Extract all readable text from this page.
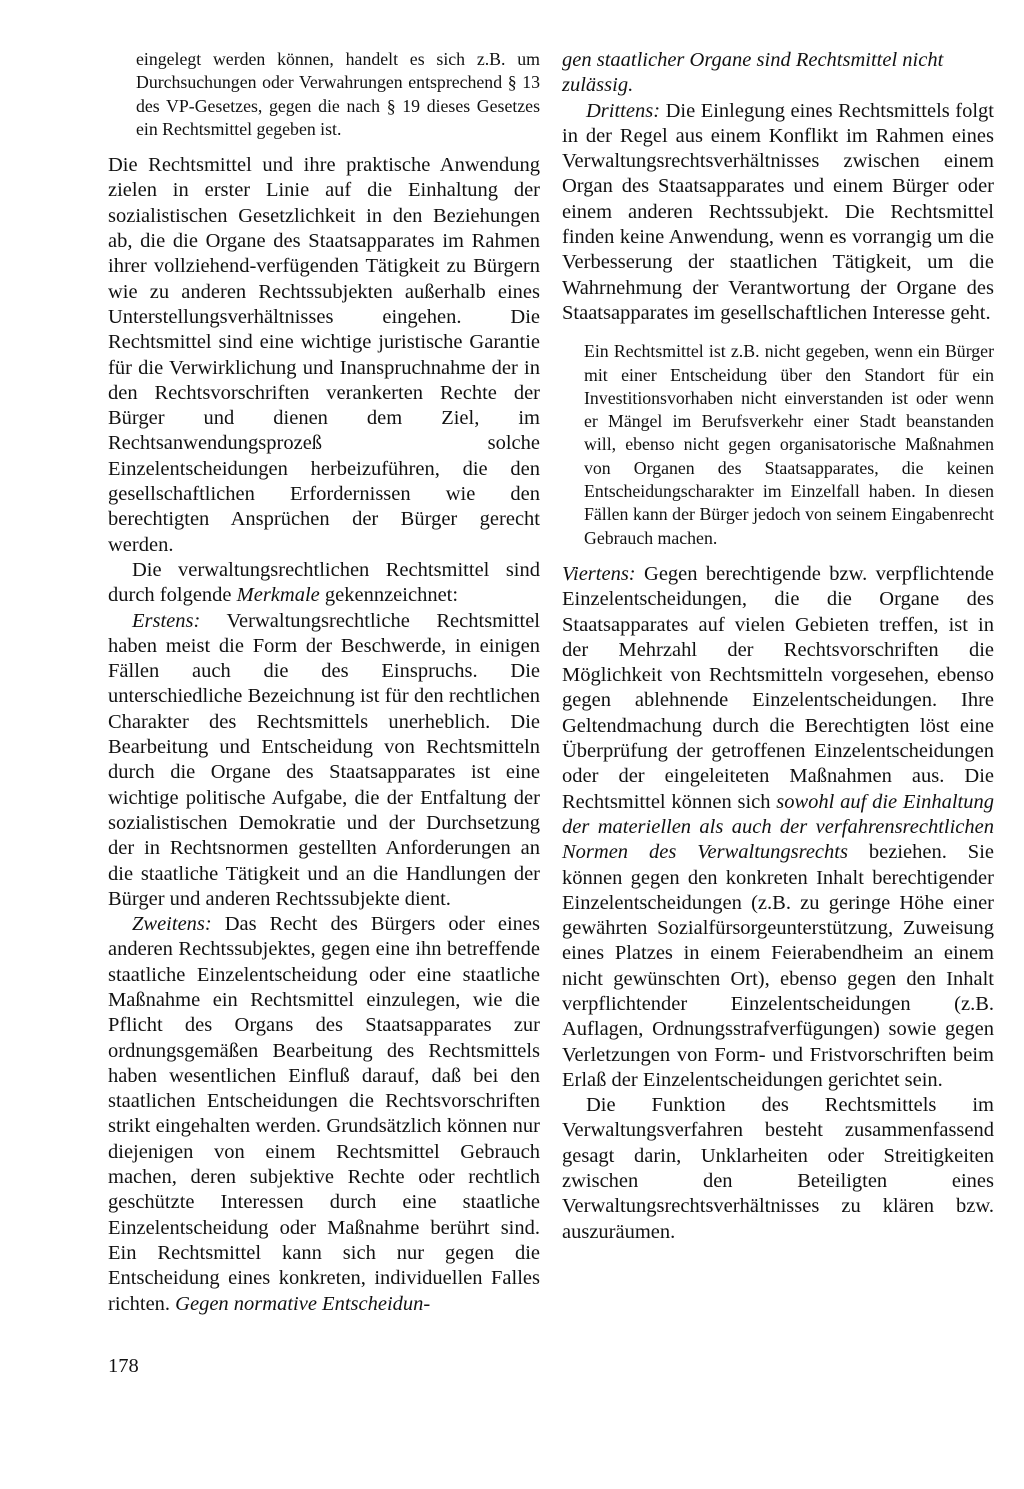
eingelegt werden können, handelt es sich z.B. um Durchsuchungen oder Verwahrungen entsprechend § 13 des VP-Gesetzes, gegen die nach § 19 dieses Gesetzes ein Rechtsmittel gegeben ist.

Die Rechtsmittel und ihre praktische Anwendung zielen in erster Linie auf die Einhaltung der sozialistischen Gesetzlichkeit in den Beziehungen ab, die die Organe des Staatsapparates im Rahmen ihrer vollziehend-verfügenden Tätigkeit zu Bürgern wie zu anderen Rechtssubjekten außerhalb eines Unterstellungsverhältnisses eingehen. Die Rechtsmittel sind eine wichtige juristische Garantie für die Verwirklichung und Inanspruchnahme der in den Rechtsvorschriften verankerten Rechte der Bürger und dienen dem Ziel, im Rechtsanwendungsprozeß solche Einzelentscheidungen herbeizuführen, die den gesellschaftlichen Erfordernissen wie den berechtigten Ansprüchen der Bürger gerecht werden.

Die verwaltungsrechtlichen Rechtsmittel sind durch folgende Merkmale gekennzeichnet:

Erstens: Verwaltungsrechtliche Rechtsmittel haben meist die Form der Beschwerde, in einigen Fällen auch die des Einspruchs. Die unterschiedliche Bezeichnung ist für den rechtlichen Charakter des Rechtsmittels unerheblich. Die Bearbeitung und Entscheidung von Rechtsmitteln durch die Organe des Staatsapparates ist eine wichtige politische Aufgabe, die der Entfaltung der sozialistischen Demokratie und der Durchsetzung der in Rechtsnormen gestellten Anforderungen an die staatliche Tätigkeit und an die Handlungen der Bürger und anderen Rechtssubjekte dient.

Zweitens: Das Recht des Bürgers oder eines anderen Rechtssubjektes, gegen eine ihn betreffende staatliche Einzelentscheidung oder eine staatliche Maßnahme ein Rechtsmittel einzulegen, wie die Pflicht des Organs des Staatsapparates zur ordnungsgemäßen Bearbeitung des Rechtsmittels haben wesentlichen Einfluß darauf, daß bei den staatlichen Entscheidungen die Rechtsvorschriften strikt eingehalten werden. Grundsätzlich können nur diejenigen von einem Rechtsmittel Gebrauch machen, deren subjektive Rechte oder rechtlich geschützte Interessen durch eine staatliche Einzelentscheidung oder Maßnahme berührt sind. Ein Rechtsmittel kann sich nur gegen die Entscheidung eines konkreten, individuellen Falles richten. Gegen normative Entscheidun-

gen staatlicher Organe sind Rechtsmittel nicht zulässig.

Drittens: Die Einlegung eines Rechtsmittels folgt in der Regel aus einem Konflikt im Rahmen eines Verwaltungsrechtsverhältnisses zwischen einem Organ des Staatsapparates und einem Bürger oder einem anderen Rechtssubjekt. Die Rechtsmittel finden keine Anwendung, wenn es vorrangig um die Verbesserung der staatlichen Tätigkeit, um die Wahrnehmung der Verantwortung der Organe des Staatsapparates im gesellschaftlichen Interesse geht.

Ein Rechtsmittel ist z.B. nicht gegeben, wenn ein Bürger mit einer Entscheidung über den Standort für ein Investitionsvorhaben nicht einverstanden ist oder wenn er Mängel im Berufsverkehr einer Stadt beanstanden will, ebenso nicht gegen organisatorische Maßnahmen von Organen des Staatsapparates, die keinen Entscheidungscharakter im Einzelfall haben. In diesen Fällen kann der Bürger jedoch von seinem Eingabenrecht Gebrauch machen.

Viertens: Gegen berechtigende bzw. verpflichtende Einzelentscheidungen, die die Organe des Staatsapparates auf vielen Gebieten treffen, ist in der Mehrzahl der Rechtsvorschriften die Möglichkeit von Rechtsmitteln vorgesehen, ebenso gegen ablehnende Einzelentscheidungen. Ihre Geltendmachung durch die Berechtigten löst eine Überprüfung der getroffenen Einzelentscheidungen oder der eingeleiteten Maßnahmen aus. Die Rechtsmittel können sich sowohl auf die Einhaltung der materiellen als auch der verfahrensrechtlichen Normen des Verwaltungsrechts beziehen. Sie können gegen den konkreten Inhalt berechtigender Einzelentscheidungen (z.B. zu geringe Höhe einer gewährten Sozialfürsorgeunterstützung, Zuweisung eines Platzes in einem Feierabendheim an einem nicht gewünschten Ort), ebenso gegen den Inhalt verpflichtender Einzelentscheidungen (z.B. Auflagen, Ordnungsstrafverfügungen) sowie gegen Verletzungen von Form- und Fristvorschriften beim Erlaß der Einzelentscheidungen gerichtet sein.

Die Funktion des Rechtsmittels im Verwaltungsverfahren besteht zusammenfassend gesagt darin, Unklarheiten oder Streitigkeiten zwischen den Beteiligten eines Verwaltungsrechtsverhältnisses zu klären bzw. auszuräumen.

178
